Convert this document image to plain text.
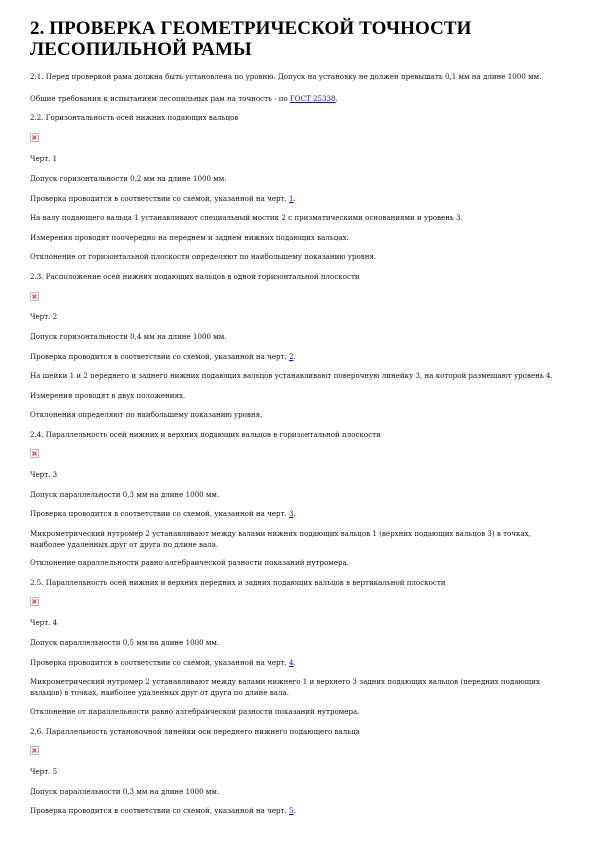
2. ПРОВЕРКА ГЕОМЕТРИЧЕСКОЙ ТОЧНОСТИ ЛЕСОПИЛЬНОЙ РАМЫ

2.1. Перед проверкой рама должна быть установлена по уровню. Допуск на установку не должен превышать 0,1 мм на длине 1000 мм.

Общие требования к испытаниям лесопильных рам на точность - по ГОСТ 25338.

2.2. Горизонтальность осей нижних подающих вальцов

Черт. 1

Допуск горизонтальности 0,2 мм на длине 1000 мм.

Проверка проводится в соответствии со схемой, указанной на черт. 1.

На валу подающего вальца 1 устанавливают специальный мостик 2 с призматическими основаниями и уровень 3.

Измерения проводят поочередно на переднем и заднем нижних подающих вальцах.

Отклонение от горизонтальной плоскости определяют по наибольшему показанию уровня.

2.3. Расположение осей нижних подающих вальцов в одной горизонтальной плоскости

Черт. 2

Допуск горизонтальности 0,4 мм на длине 1000 мм.

Проверка проводится в соответствии со схемой, указанной на черт. 2.

На шейки 1 и 2 переднего и заднего нижних подающих вальцов устанавливают поверочную линейку 3, на которой размещают уровень 4.

Измерения проводят в двух положениях.

Отклонения определяют по наибольшему показанию уровня.

2.4. Параллельность осей нижних и верхних подающих вальцов в горизонтальной плоскости

Черт. 3

Допуск параллельности 0,3 мм на длине 1000 мм.

Проверка проводится в соответствии со схемой, указанной на черт. 3.

Микрометрический нутромер 2 устанавливают между валами нижних подающих вальцов 1 (верхних подающих вальцов 3) в точках, наиболее удаленных друг от друга по длине вала.

Отклонение параллельности равно алгебраической разности показаний нутромера.

2.5. Параллельность осей нижних и верхних передних и задних подающих вальцов в вертикальной плоскости

Черт. 4

Допуск параллельности 0,5 мм на длине 1000 мм.

Проверка проводится в соответствии со схемой, указанной на черт. 4.

Микрометрический нутромер 2 устанавливают между валами нижнего 1 и верхнего 3 задних подающих вальцов (передних подающих вальцов) в точках, наиболее удаленных друг от друга по длине вала.

Отклонение от параллельности равно алгебраической разности показаний нутромера.

2.6. Параллельность установочной линейки оси переднего нижнего подающего вальца

Черт. 5

Допуск параллельности 0,3 мм на длине 1000 мм.

Проверка проводится в соответствии со схемой, указанной на черт. 5.
